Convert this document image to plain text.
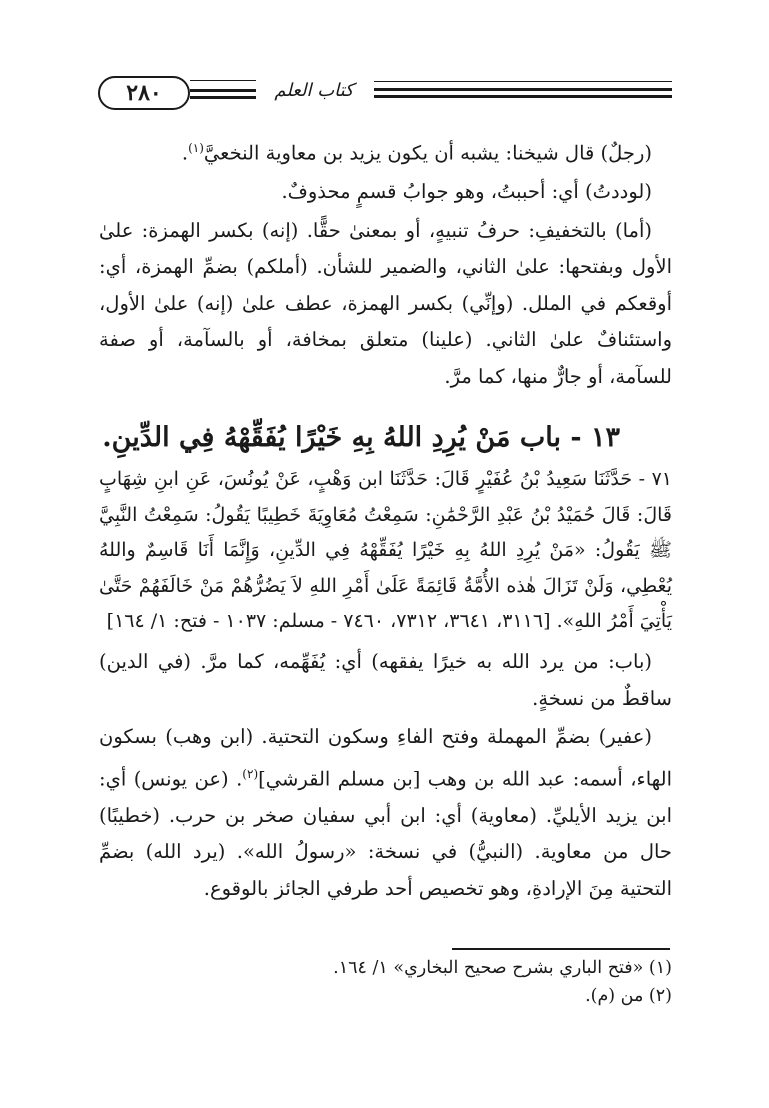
٢٨٠	كتاب العلم

(رجلٌ) قال شيخنا: يشبه أن يكون يزيد بن معاوية النخعيَّ$^{(١)}$.

(لوددتُ) أي: أحببتُ، وهو جوابُ قسمٍ محذوفٌ.

(أما) بالتخفيفِ: حرفُ تنبيهٍ، أو بمعنىٰ حقًّا. (إنه) بكسر الهمزة: علىٰ الأول وبفتحها: علىٰ الثاني، والضمير للشأن. (أملكم) بضمِّ الهمزة، أي: أوقعكم في الملل. (وإنِّي) بكسر الهمزة، عطف علىٰ (إنه) علىٰ الأول، واستئنافٌ علىٰ الثاني. (علينا) متعلق بمخافة، أو بالسآمة، أو صفة للسآمة، أو جارٌّ منها، كما مرَّ.

١٣ - باب مَنْ يُرِدِ اللهُ بِهِ خَيْرًا يُفَقِّهْهُ فِي الدِّينِ.
٧١ - حَدَّثَنَا سَعِيدُ بْنُ عُفَيْرٍ قَالَ: حَدَّثَنَا ابن وَهْبٍ، عَنْ يُونُسَ، عَنِ ابنِ شِهَابٍ قَالَ: قَالَ حُمَيْدُ بْنُ عَبْدِ الرَّحْمَٰنِ: سَمِعْتُ مُعَاوِيَةَ خَطِيبًا يَقُولُ: سَمِعْتُ النَّبِيَّ ﷺ يَقُولُ: «مَنْ يُرِدِ اللهُ بِهِ خَيْرًا يُفَقِّهْهُ فِي الدِّينِ، وَإِنَّمَا أَنَا قَاسِمٌ واللهُ يُعْطِي، وَلَنْ تَزَالَ هٰذه الأُمَّةُ قَائِمَةً عَلَىٰ أَمْرِ اللهِ لاَ يَضُرُّهُمْ مَنْ خَالَفَهُمْ حَتَّىٰ يَأْتِيَ أَمْرُ اللهِ». [٣١١٦، ٣٦٤١، ٧٣١٢، ٧٤٦٠ - مسلم: ١٠٣٧ - فتح: ١/ ١٦٤]

(باب: من يرد الله به خيرًا يفقهه) أي: يُفَهِّمه، كما مرَّ. (في الدين) ساقطٌ من نسخةٍ.

(عفير) بضمِّ المهملة وفتح الفاءِ وسكون التحتية. (ابن وهب) بسكون الهاء، أسمه: عبد الله بن وهب [بن مسلم القرشي]$^{(٢)}$. (عن يونس) أي: ابن يزيد الأيليِّ. (معاوية) أي: ابن أبي سفيان صخر بن حرب. (خطيبًا) حال من معاوية. (النبيُّ) في نسخة: «رسولُ الله». (يرد الله) بضمِّ التحتية مِنَ الإرادةِ، وهو تخصيص أحد طرفي الجائز بالوقوع.

(١) «فتح الباري بشرح صحيح البخاري» ١/ ١٦٤.

(٢) من (م).
